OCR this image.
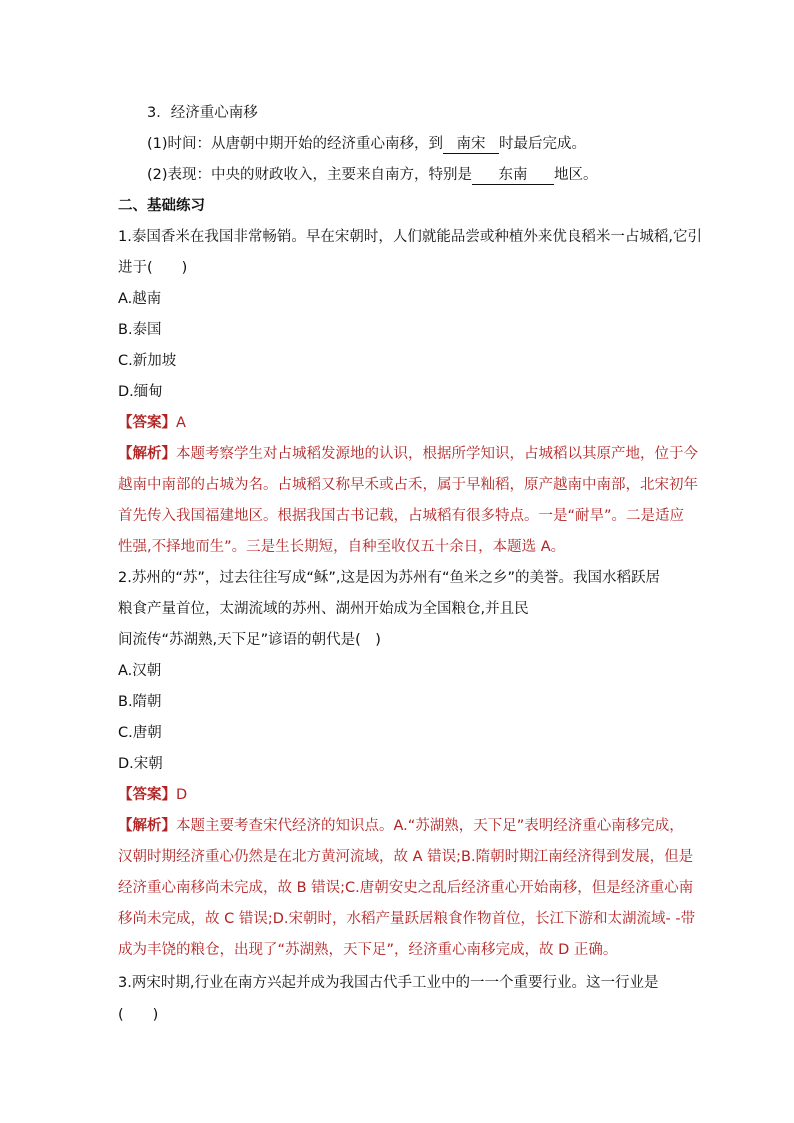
3．经济重心南移
(1)时间：从唐朝中期开始的经济重心南移，到 南宋 时最后完成。
(2)表现：中央的财政收入，主要来自南方，特别是 东南 地区。
二、基础练习
1.泰国香米在我国非常畅销。早在宋朝时，人们就能品尝或种植外来优良稻米一占城稻,它引
进于(　　)
A.越南
B.泰国
C.新加坡
D.缅甸
【答案】A
【解析】本题考察学生对占城稻发源地的认识，根据所学知识，占城稻以其原产地，位于今
越南中南部的占城为名。占城稻又称早禾或占禾，属于早籼稻，原产越南中南部，北宋初年
首先传入我国福建地区。根据我国古书记载，占城稻有很多特点。一是“耐旱”。二是适应
性强,不择地而生”。三是生长期短，自种至收仅五十余日，本题选 A。
2.苏州的“苏”，过去往往写成“稣”,这是因为苏州有“鱼米之乡”的美誉。我国水稻跃居
粮食产量首位，太湖流域的苏州、湖州开始成为全国粮仓,并且民
间流传“苏湖熟,天下足”谚语的朝代是(　)
A.汉朝
B.隋朝
C.唐朝
D.宋朝
【答案】D
【解析】本题主要考查宋代经济的知识点。A.“苏湖熟，天下足”表明经济重心南移完成，
汉朝时期经济重心仍然是在北方黄河流域，故 A 错误;B.隋朝时期江南经济得到发展，但是
经济重心南移尚未完成，故 B 错误;C.唐朝安史之乱后经济重心开始南移，但是经济重心南
移尚未完成，故 C 错误;D.宋朝时，水稻产量跃居粮食作物首位，长江下游和太湖流域- -带
成为丰饶的粮仓，出现了“苏湖熟，天下足”，经济重心南移完成，故 D 正确。
3.两宋时期,行业在南方兴起并成为我国古代手工业中的一一个重要行业。这一行业是
(　　)
